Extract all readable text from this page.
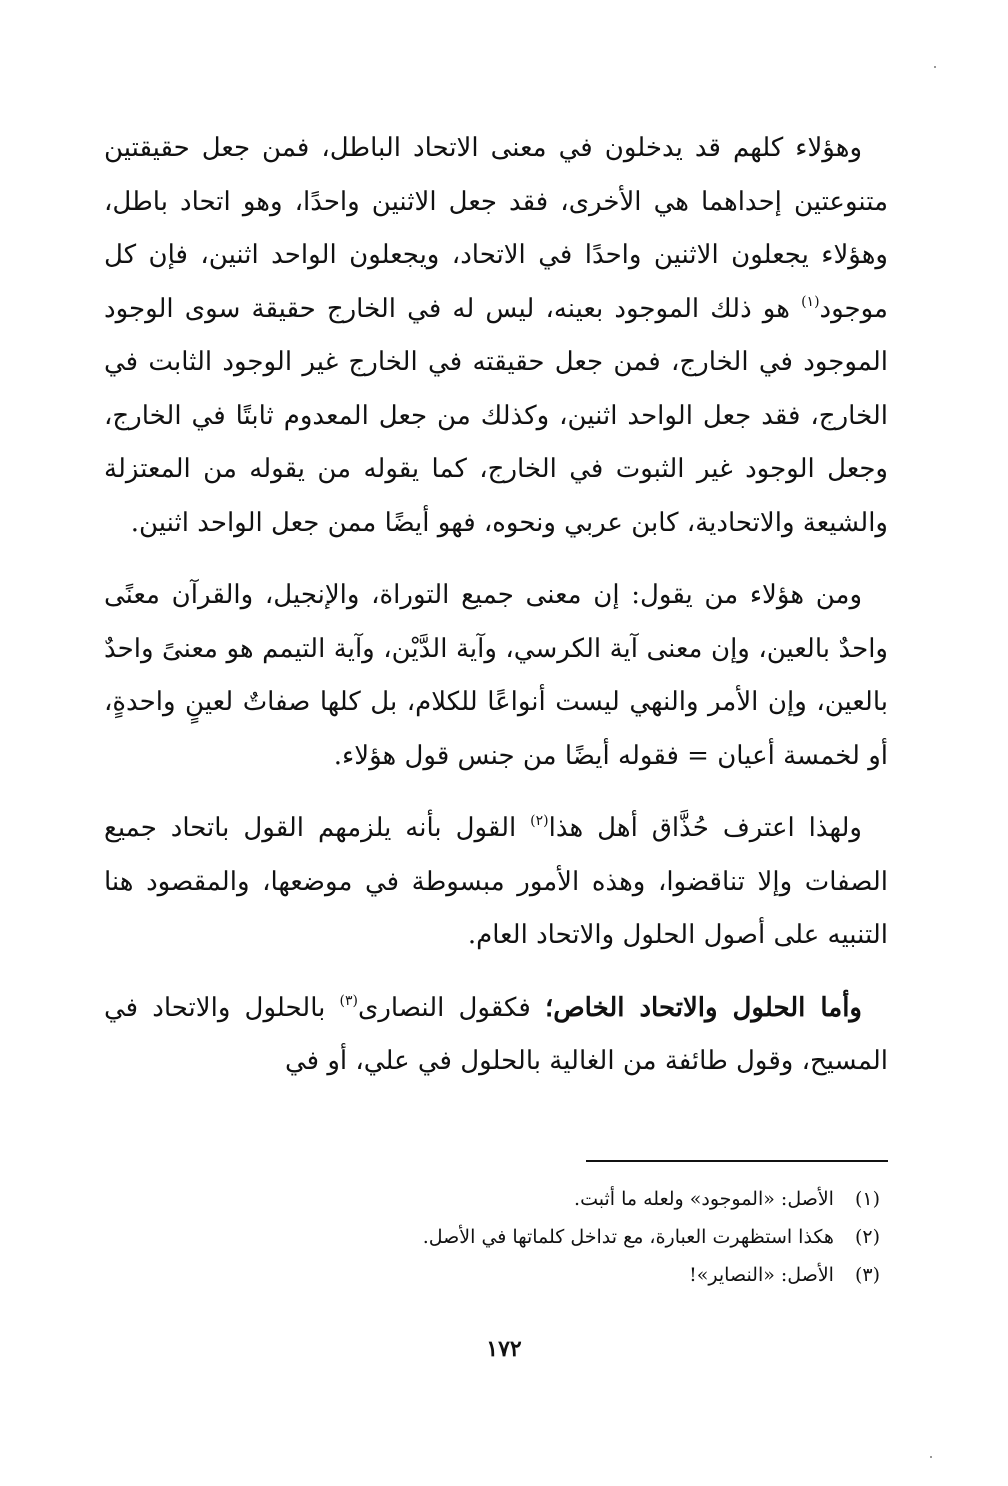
وهؤلاء كلهم قد يدخلون في معنى الاتحاد الباطل، فمن جعل حقيقتين متنوعتين إحداهما هي الأخرى، فقد جعل الاثنين واحدًا، وهو اتحاد باطل، وهؤلاء يجعلون الاثنين واحدًا في الاتحاد، ويجعلون الواحد اثنين، فإن كل موجود$^{(١)}$ هو ذلك الموجود بعينه، ليس له في الخارج حقيقة سوى الوجود الموجود في الخارج، فمن جعل حقيقته في الخارج غير الوجود الثابت في الخارج، فقد جعل الواحد اثنين، وكذلك من جعل المعدوم ثابتًا في الخارج، وجعل الوجود غير الثبوت في الخارج، كما يقوله من يقوله من المعتزلة والشيعة والاتحادية، كابن عربي ونحوه، فهو أيضًا ممن جعل الواحد اثنين.

ومن هؤلاء من يقول: إن معنى جميع التوراة، والإنجيل، والقرآن معنًى واحدٌ بالعين، وإن معنى آية الكرسي، وآية الدَّيْن، وآية التيمم هو معنىً واحدٌ بالعين، وإن الأمر والنهي ليست أنواعًا للكلام، بل كلها صفاتٌ لعينٍ واحدةٍ، أو لخمسة أعيان = فقوله أيضًا من جنس قول هؤلاء.

ولهذا اعترف حُذَّاق أهل هذا$^{(٢)}$ القول بأنه يلزمهم القول باتحاد جميع الصفات وإلا تناقضوا، وهذه الأمور مبسوطة في موضعها، والمقصود هنا التنبيه على أصول الحلول والاتحاد العام.

وأما الحلول والاتحاد الخاص؛ فكقول النصارى$^{(٣)}$ بالحلول والاتحاد في المسيح، وقول طائفة من الغالية بالحلول في علي، أو في

(١) الأصل: «الموجود» ولعله ما أثبت.

(٢) هكذا استظهرت العبارة، مع تداخل كلماتها في الأصل.

(٣) الأصل: «النصاير»!

١٧٢
